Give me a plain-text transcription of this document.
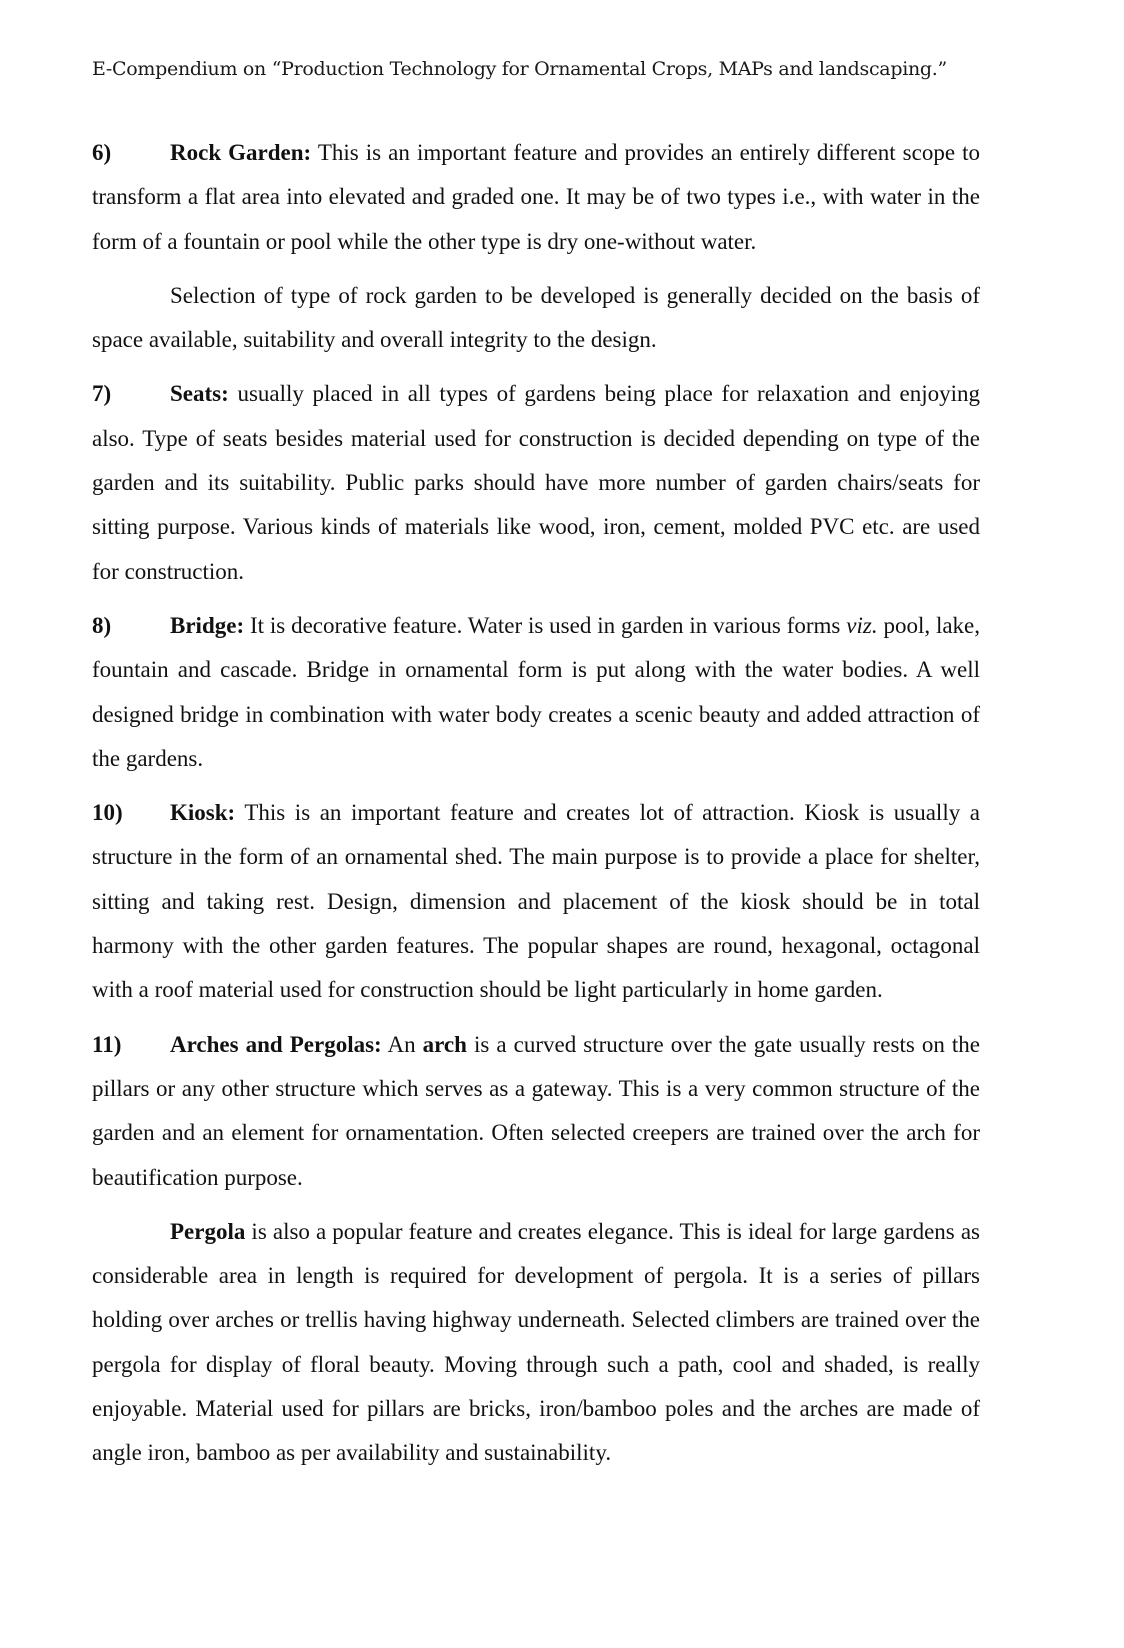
E-Compendium on “Production Technology for Ornamental Crops, MAPs and landscaping.”

6)	Rock Garden: This is an important feature and provides an entirely different scope to transform a flat area into elevated and graded one. It may be of two types i.e., with water in the form of a fountain or pool while the other type is dry one-without water.

Selection of type of rock garden to be developed is generally decided on the basis of space available, suitability and overall integrity to the design.

7)	Seats: usually placed in all types of gardens being place for relaxation and enjoying also. Type of seats besides material used for construction is decided depending on type of the garden and its suitability. Public parks should have more number of garden chairs/seats for sitting purpose. Various kinds of materials like wood, iron, cement, molded PVC etc. are used for construction.

8)	Bridge: It is decorative feature. Water is used in garden in various forms viz. pool, lake, fountain and cascade. Bridge in ornamental form is put along with the water bodies. A well designed bridge in combination with water body creates a scenic beauty and added attraction of the gardens.

10) Kiosk: This is an important feature and creates lot of attraction. Kiosk is usually a structure in the form of an ornamental shed. The main purpose is to provide a place for shelter, sitting and taking rest. Design, dimension and placement of the kiosk should be in total harmony with the other garden features. The popular shapes are round, hexagonal, octagonal with a roof material used for construction should be light particularly in home garden.

11) Arches and Pergolas: An arch is a curved structure over the gate usually rests on the pillars or any other structure which serves as a gateway. This is a very common structure of the garden and an element for ornamentation. Often selected creepers are trained over the arch for beautification purpose.

Pergola is also a popular feature and creates elegance. This is ideal for large gardens as considerable area in length is required for development of pergola. It is a series of pillars holding over arches or trellis having highway underneath. Selected climbers are trained over the pergola for display of floral beauty. Moving through such a path, cool and shaded, is really enjoyable. Material used for pillars are bricks, iron/bamboo poles and the arches are made of angle iron, bamboo as per availability and sustainability.
